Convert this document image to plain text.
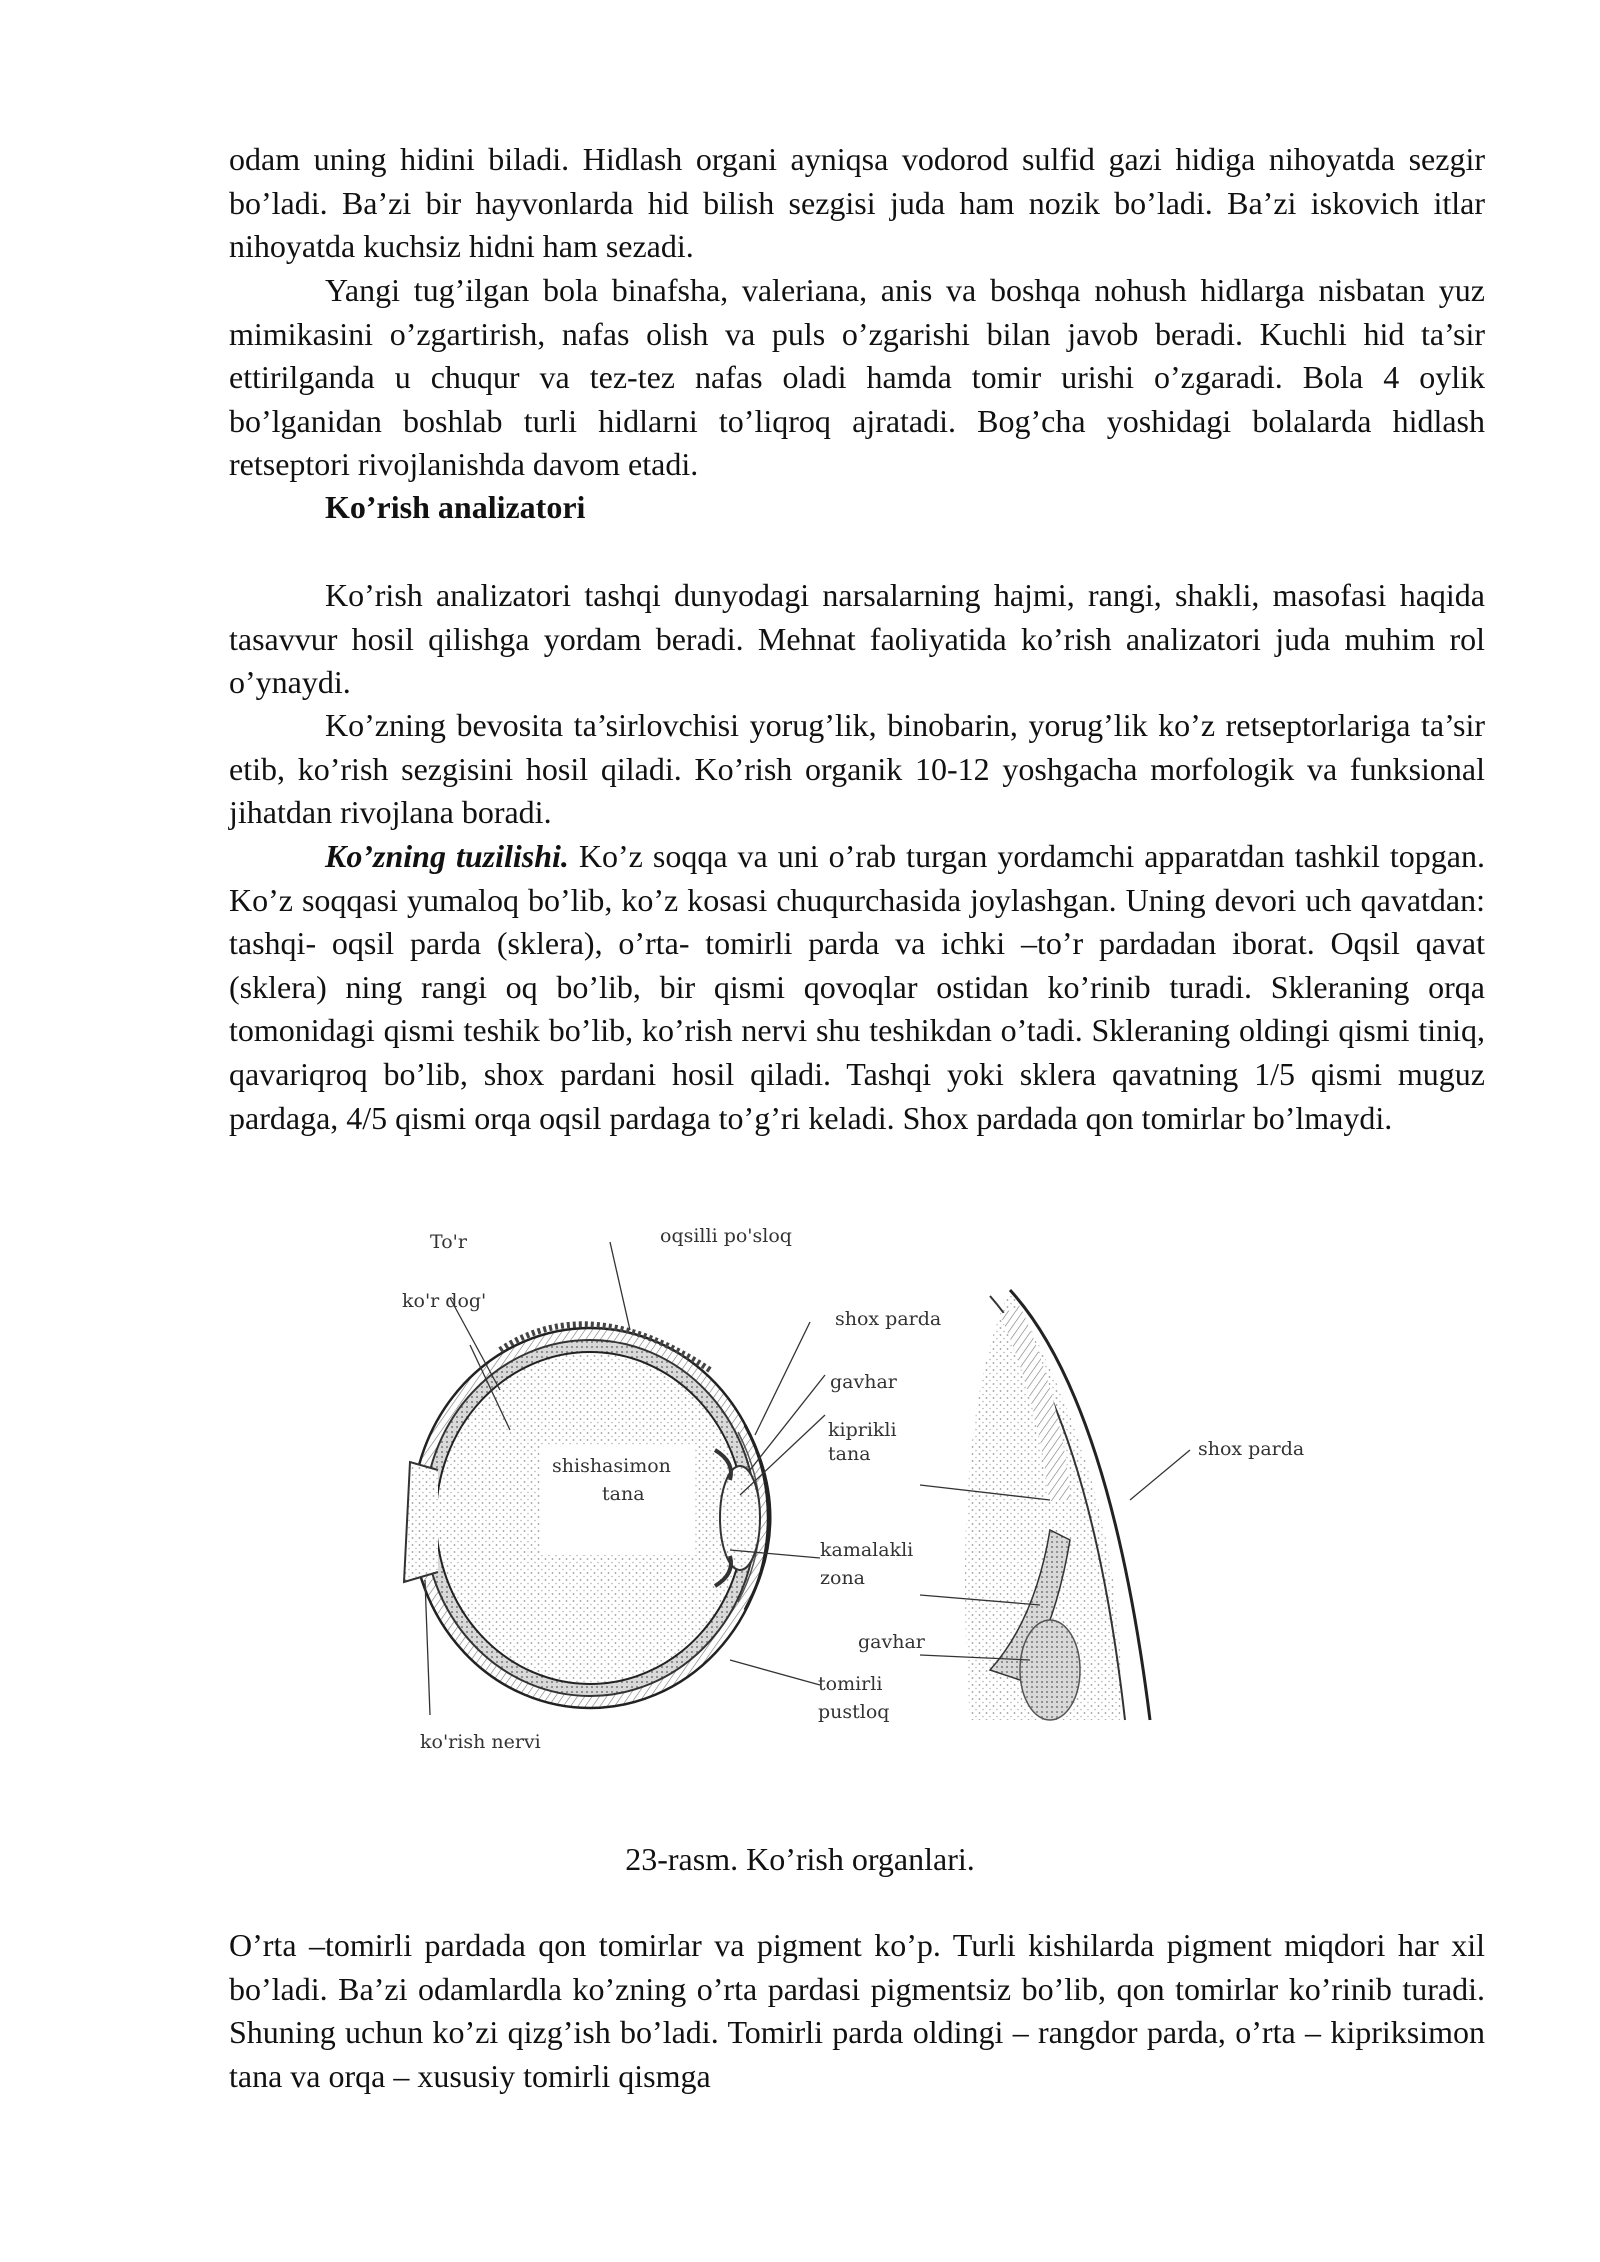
odam uning hidini biladi. Hidlash organi ayniqsa vodorod sulfid gazi hidiga nihoyatda sezgir bo’ladi. Ba’zi bir hayvonlarda hid bilish sezgisi juda ham nozik bo’ladi. Ba’zi iskovich itlar nihoyatda kuchsiz hidni ham sezadi.

Yangi tug’ilgan bola binafsha, valeriana, anis va boshqa nohush hidlarga nisbatan yuz mimikasini o’zgartirish, nafas olish va puls o’zgarishi bilan javob beradi. Kuchli hid ta’sir ettirilganda u chuqur va tez-tez nafas oladi hamda tomir urishi o’zgaradi. Bola 4 oylik bo’lganidan boshlab turli hidlarni to’liqroq ajratadi. Bog’cha yoshidagi bolalarda hidlash retseptori rivojlanishda davom etadi.

Ko’rish analizatori

Ko’rish analizatori tashqi dunyodagi narsalarning hajmi, rangi, shakli, masofasi haqida tasavvur hosil qilishga yordam beradi. Mehnat faoliyatida ko’rish analizatori juda muhim rol o’ynaydi.

Ko’zning bevosita ta’sirlovchisi yorug’lik, binobarin, yorug’lik ko’z retseptorlariga ta’sir etib, ko’rish sezgisini hosil qiladi. Ko’rish organik 10-12 yoshgacha morfologik va funksional jihatdan rivojlana boradi.

Ko’zning tuzilishi. Ko’z soqqa va uni o’rab turgan yordamchi apparatdan tashkil topgan. Ko’z soqqasi yumaloq bo’lib, ko’z kosasi chuqurchasida joylashgan. Uning devori uch qavatdan: tashqi- oqsil parda (sklera), o’rta- tomirli parda va ichki –to’r pardadan iborat. Oqsil qavat (sklera) ning rangi oq bo’lib, bir qismi qovoqlar ostidan ko’rinib turadi. Skleraning orqa tomonidagi qismi teshik bo’lib, ko’rish nervi shu teshikdan o’tadi. Skleraning oldingi qismi tiniq, qavariqroq bo’lib, shox pardani hosil qiladi. Tashqi yoki sklera qavatning 1/5 qismi muguz pardaga, 4/5 qismi orqa oqsil pardaga to’g’ri keladi. Shox pardada qon tomirlar bo’lmaydi.

To'r
ko'r dog'
oqsilli po'sloq
shox parda
gavhar
kiprikli
tana
shishasimon
tana
kamalakli
zona
gavhar
tomirli
pustloq
ko'rish nervi
shox parda
23-rasm. Ko’rish organlari.

O’rta –tomirli pardada qon tomirlar va pigment ko’p. Turli kishilarda pigment miqdori har xil bo’ladi. Ba’zi odamlardla ko’zning o’rta pardasi pigmentsiz bo’lib, qon tomirlar ko’rinib turadi. Shuning uchun ko’zi qizg’ish bo’ladi. Tomirli parda oldingi – rangdor parda, o’rta – kipriksimon tana va orqa – xususiy tomirli qismga
